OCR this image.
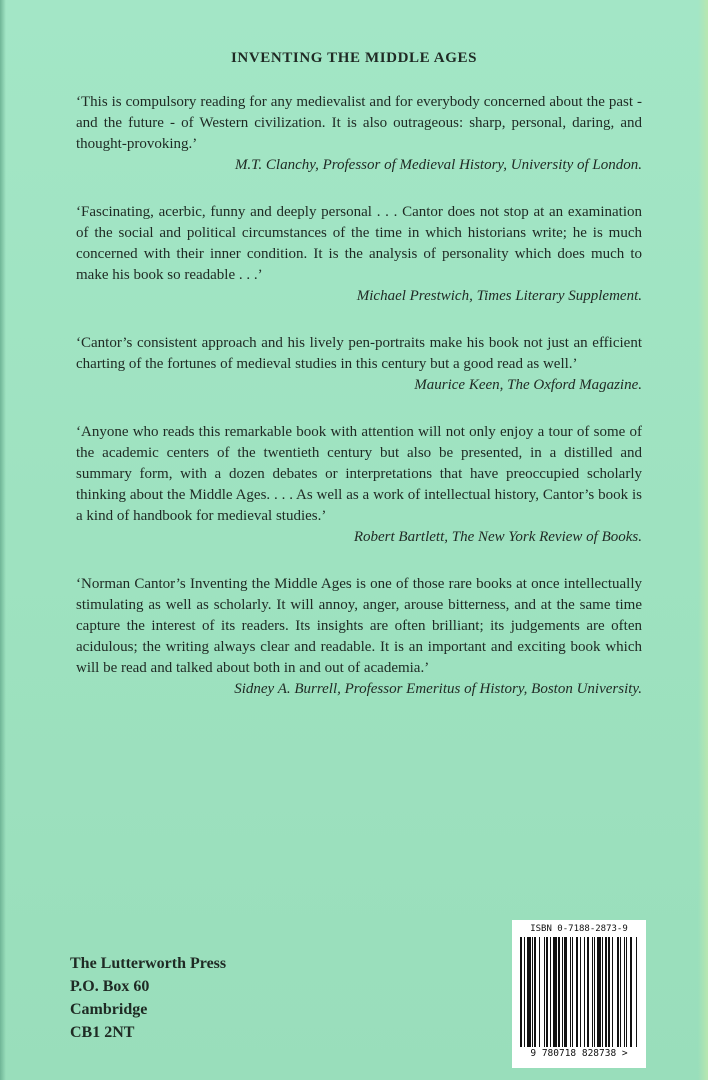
INVENTING THE MIDDLE AGES

‘This is compulsory reading for any medievalist and for everybody concerned about the past - and the future - of Western civilization. It is also outrageous: sharp, personal, daring, and thought-provoking.’

M.T. Clanchy, Professor of Medieval History, University of London.

‘Fascinating, acerbic, funny and deeply personal . . . Cantor does not stop at an examination of the social and political circumstances of the time in which historians write; he is much concerned with their inner condition. It is the analysis of personality which does much to make his book so readable . . .’

Michael Prestwich, Times Literary Supplement.

‘Cantor’s consistent approach and his lively pen-portraits make his book not just an efficient charting of the fortunes of medieval studies in this century but a good read as well.’

Maurice Keen, The Oxford Magazine.

‘Anyone who reads this remarkable book with attention will not only enjoy a tour of some of the academic centers of the twentieth century but also be presented, in a distilled and summary form, with a dozen debates or interpretations that have preoccupied scholarly thinking about the Middle Ages. . . . As well as a work of intellectual history, Cantor’s book is a kind of handbook for medieval studies.’

Robert Bartlett, The New York Review of Books.

‘Norman Cantor’s Inventing the Middle Ages is one of those rare books at once intellectually stimulating as well as scholarly. It will annoy, anger, arouse bitterness, and at the same time capture the interest of its readers. Its insights are often brilliant; its judgements are often acidulous; the writing always clear and readable. It is an important and exciting book which will be read and talked about both in and out of academia.’

Sidney A. Burrell, Professor Emeritus of History, Boston University.

The Lutterworth Press
P.O. Box 60
Cambridge
CB1 2NT
ISBN 0-7188-2873-9
9 780718 828738 >
